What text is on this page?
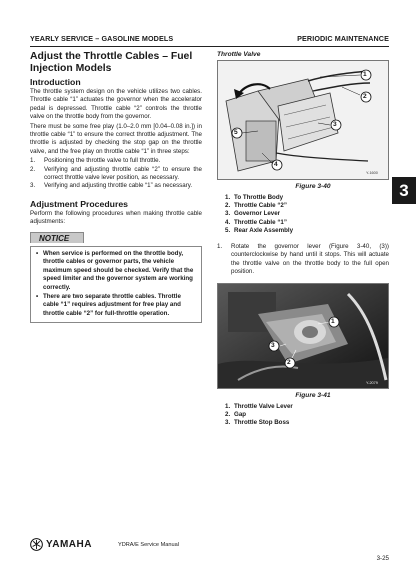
YEARLY SERVICE – GASOLINE MODELS	PERIODIC MAINTENANCE
3
Adjust the Throttle Cables – Fuel Injection Models
Introduction

The throttle system design on the vehicle utilizes two cables. Throttle cable “1” actuates the governor when the accelerator pedal is depressed. Throttle cable “2” controls the throttle valve on the throttle body from the governor.

There must be some free play (1.0–2.0 mm [0.04–0.08 in.]) in throttle cable “1” to ensure the correct throttle adjustment. The throttle is adjusted by checking the stop gap on the throttle valve, and the free play on throttle cable “1” in three steps:

1. Positioning the throttle valve to full throttle.
2. Verifying and adjusting throttle cable “2” to ensure the correct throttle valve lever position, as necessary.
3. Verifying and adjusting throttle cable “1” as necessary.
Adjustment Procedures

Perform the following procedures when making throttle cable adjustments:

NOTICE
• When service is performed on the throttle body, throttle cables or governor parts, the vehicle maximum speed should be checked. Verify that the speed limiter and the governor system are working correctly.
• There are two separate throttle cables. Throttle cable “1” requires adjustment for free play and throttle cable “2” for full-throttle operation.
Throttle Valve
1
2
3
4
5
Y-1600
Figure 3-40
1. To Throttle Body
2. Throttle Cable “2”
3. Governor Lever
4. Throttle Cable “1”
5. Rear Axle Assembly
1. Rotate the governor lever (Figure 3-40, (3)) counterclockwise by hand until it stops. This will actuate the throttle valve on the throttle body to the full open position.
1
2
3
Y-2079
Figure 3-41
1. Throttle Valve Lever
2. Gap
3. Throttle Stop Boss
YAMAHA	YDRA/E Service Manual
3-25
